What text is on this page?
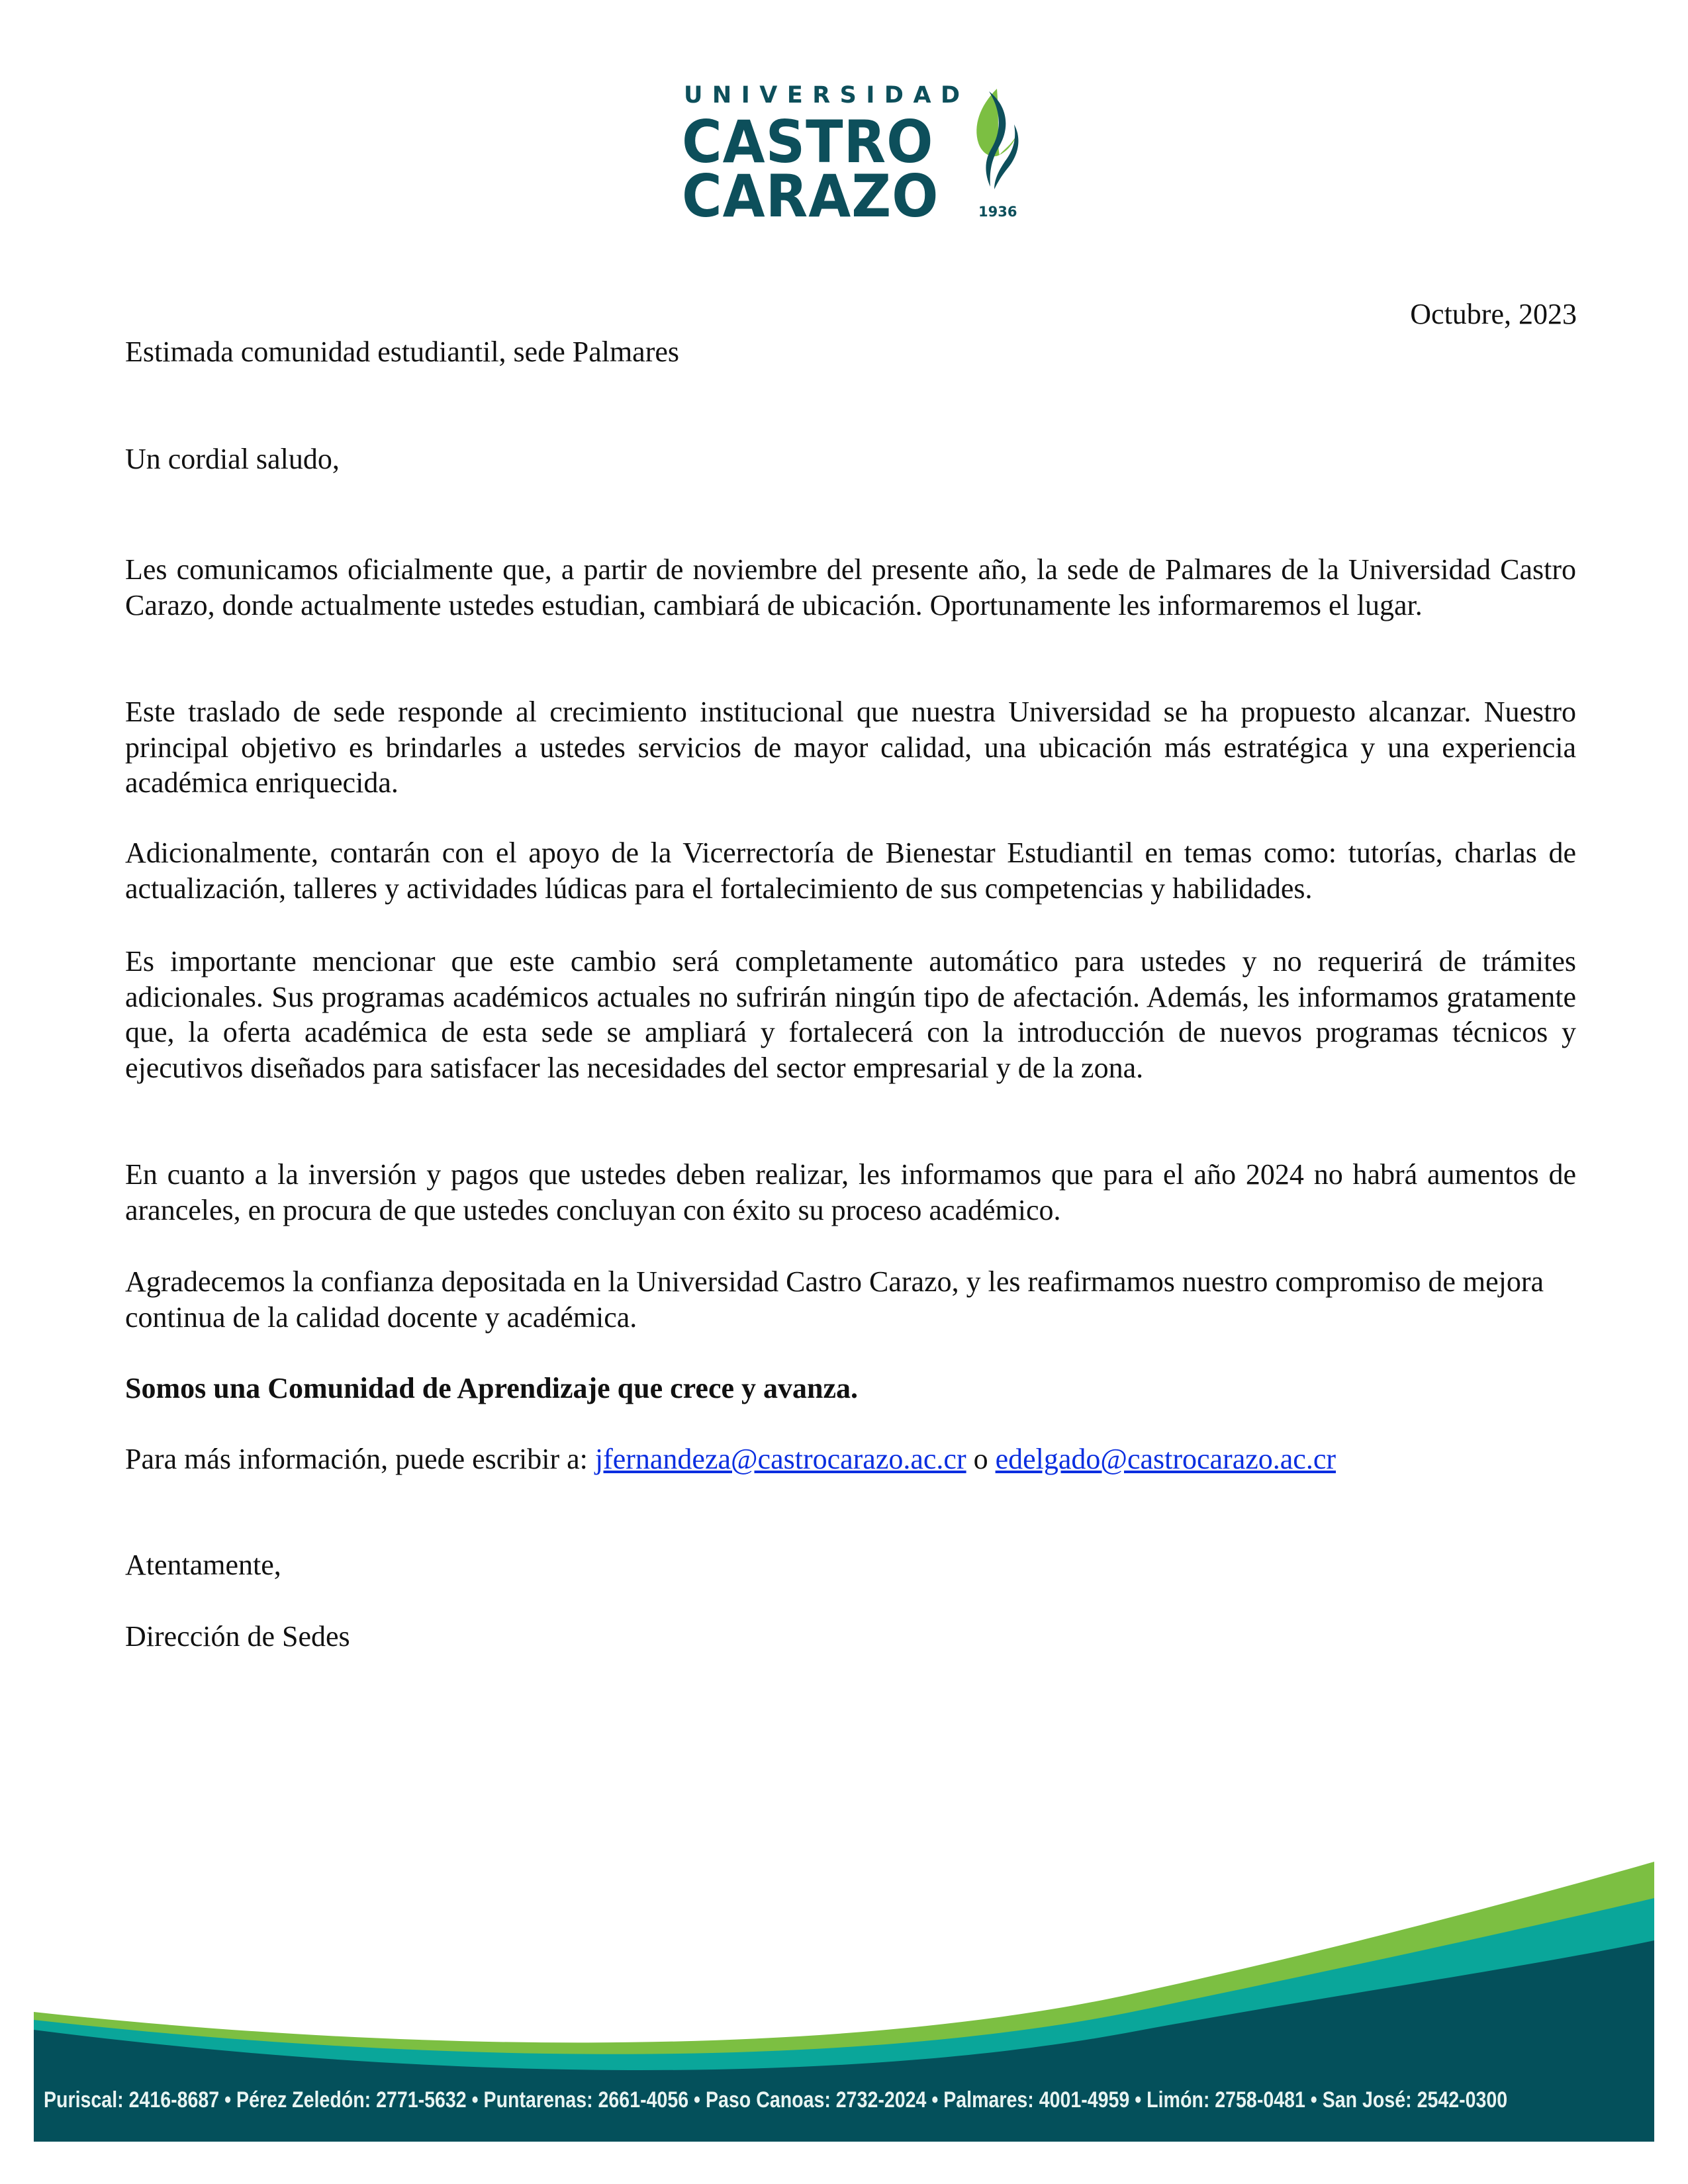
UNIVERSIDAD
CASTRO
CARAZO	1936
Octubre, 2023
Estimada comunidad estudiantil, sede Palmares
Un cordial saludo,
Les comunicamos oficialmente que, a partir de noviembre del presente año, la sede de Palmares de la Universidad Castro Carazo, donde actualmente ustedes estudian, cambiará de ubicación. Oportunamente les informaremos el lugar.
Este traslado de sede responde al crecimiento institucional que nuestra Universidad se ha propuesto alcanzar. Nuestro principal objetivo es brindarles a ustedes servicios de mayor calidad, una ubicación más estratégica y una experiencia académica enriquecida.
Adicionalmente, contarán con el apoyo de la Vicerrectoría de Bienestar Estudiantil en temas como: tutorías, charlas de actualización, talleres y actividades lúdicas para el fortalecimiento de sus competencias y habilidades.
Es importante mencionar que este cambio será completamente automático para ustedes y no requerirá de trámites adicionales. Sus programas académicos actuales no sufrirán ningún tipo de afectación. Además, les informamos gratamente que, la oferta académica de esta sede se ampliará y fortalecerá con la introducción de nuevos programas técnicos y ejecutivos diseñados para satisfacer las necesidades del sector empresarial y de la zona.
En cuanto a la inversión y pagos que ustedes deben realizar, les informamos que para el año 2024 no habrá aumentos de aranceles, en procura de que ustedes concluyan con éxito su proceso académico.
Agradecemos la confianza depositada en la Universidad Castro Carazo, y les reafirmamos nuestro compromiso de mejora continua de la calidad docente y académica.
Somos una Comunidad de Aprendizaje que crece y avanza.
Para más información, puede escribir a: jfernandeza@castrocarazo.ac.cr o edelgado@castrocarazo.ac.cr
Atentamente,
Dirección de Sedes
Puriscal: 2416-8687 • Pérez Zeledón: 2771-5632 • Puntarenas: 2661-4056 • Paso Canoas: 2732-2024 • Palmares: 4001-4959 • Limón: 2758-0481 • San José: 2542-0300
